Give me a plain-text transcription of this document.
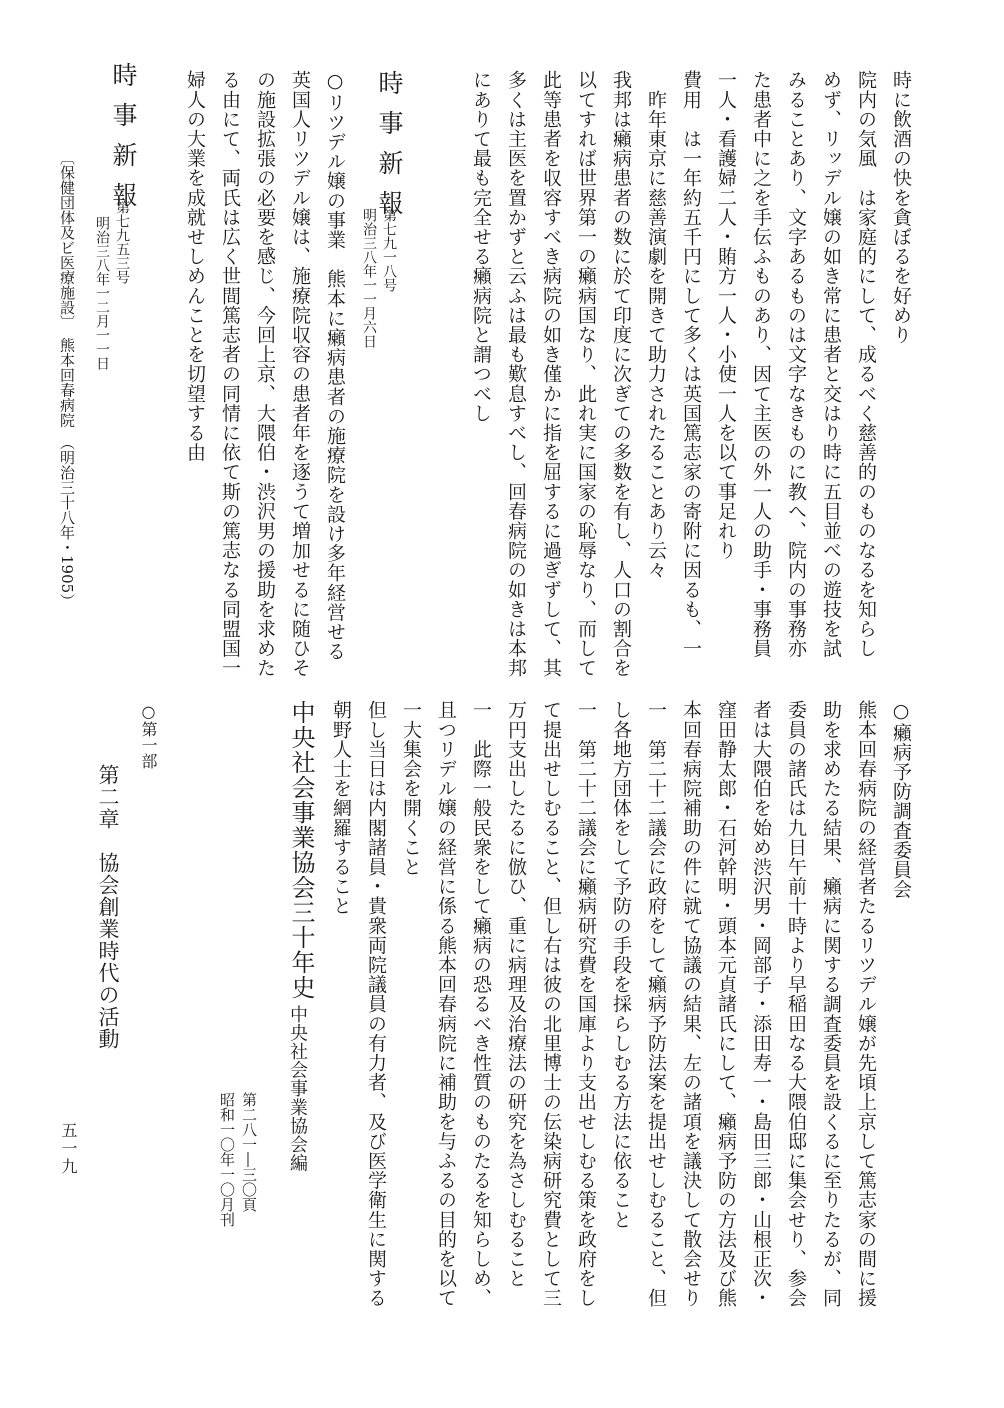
時に飲酒の快を貪ぼるを好めり
院内の気風　は家庭的にして、成るべく慈善的のものなるを知らし
めず、リッデル嬢の如き常に患者と交はり時に五目並べの遊技を試
みることあり、文字あるものは文字なきものに教へ、院内の事務亦
た患者中に之を手伝ふものあり、因て主医の外一人の助手・事務員
一人・看護婦二人・賄方一人・小使一人を以て事足れり
費用　は一年約五千円にして多くは英国篤志家の寄附に因るも、一
　昨年東京に慈善演劇を開きて助力されたることあり云々
我邦は癩病患者の数に於て印度に次ぎての多数を有し、人口の割合を
以てすれば世界第一の癩病国なり、此れ実に国家の恥辱なり、而して
此等患者を収容すべき病院の如き僅かに指を屈するに過ぎずして、其
多くは主医を置かずと云ふは最も歎息すべし、回春病院の如きは本邦
にありて最も完全せる癩病院と謂つべし
時事新報
第七九一八号
明治三八年一一月六日
○リツデル嬢の事業　熊本に癩病患者の施療院を設け多年経営せる
英国人リツデル嬢は、施療院収容の患者年を逐うて増加せるに随ひそ
の施設拡張の必要を感じ、今回上京、大隈伯・渋沢男の援助を求めた
る由にて、両氏は広く世間篤志者の同情に依て斯の篤志なる同盟国一
婦人の大業を成就せしめんことを切望する由
時事新報
第七九五三号
明治三八年一二月一一日
〔保健団体及ビ医療施設〕　熊本回春病院　（明治三十八年・1905）
○癩病予防調査委員会
熊本回春病院の経営者たるリツデル嬢が先頃上京して篤志家の間に援
助を求めたる結果、癩病に関する調査委員を設くるに至りたるが、同
委員の諸氏は九日午前十時より早稲田なる大隈伯邸に集会せり、参会
者は大隈伯を始め渋沢男・岡部子・添田寿一・島田三郎・山根正次・
窪田静太郎・石河幹明・頭本元貞諸氏にして、癩病予防の方法及び熊
本回春病院補助の件に就て協議の結果、左の諸項を議決して散会せり
一　第二十二議会に政府をして癩病予防法案を提出せしむること、但
し各地方団体をして予防の手段を採らしむる方法に依ること
一　第二十二議会に癩病研究費を国庫より支出せしむる策を政府をし
て提出せしむること、但し右は彼の北里博士の伝染病研究費として三
万円支出したるに倣ひ、重に病理及治療法の研究を為さしむること
一　此際一般民衆をして癩病の恐るべき性質のものたるを知らしめ、
且つリデル嬢の経営に係る熊本回春病院に補助を与ふるの目的を以て
一大集会を開くこと
但し当日は内閣諸員・貴衆両院議員の有力者、及び医学衛生に関する
朝野人士を網羅すること
中央社会事業協会三十年史
中央社会事業協会編
第二八一―三〇頁
昭和一〇年一〇月刊
○第一部
第二章　協会創業時代の活動
五一九
